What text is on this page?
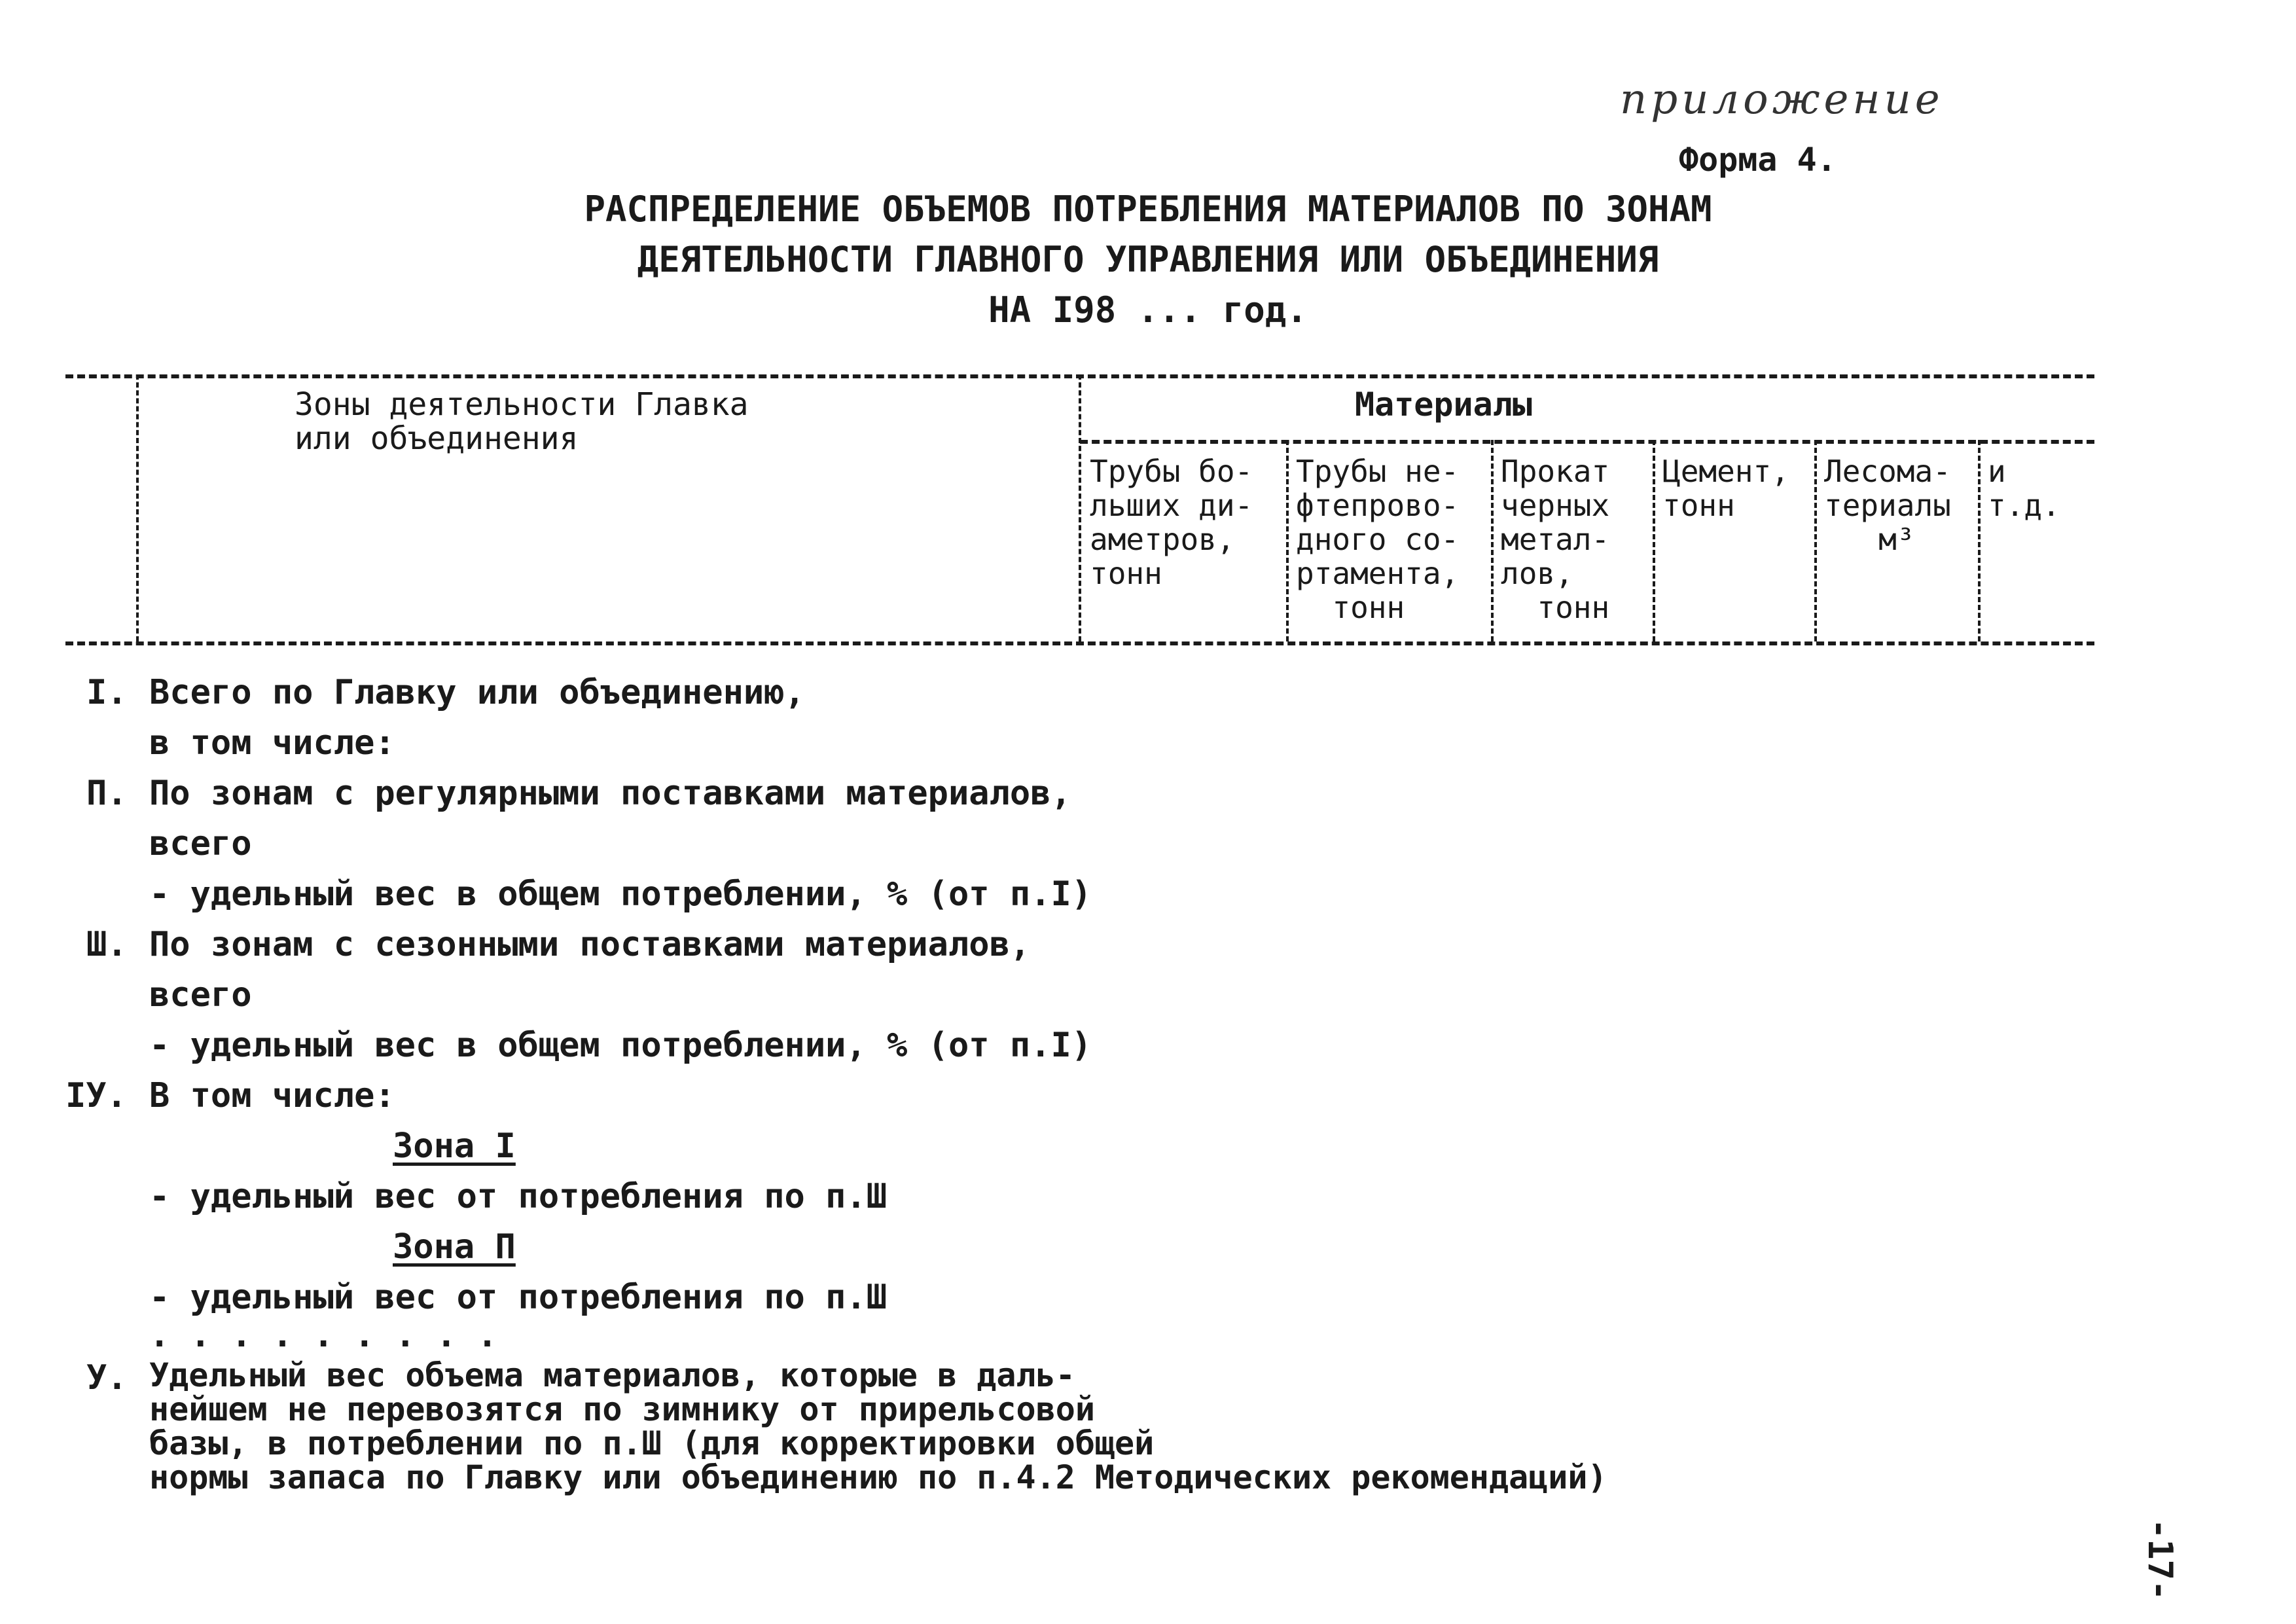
приложение
Форма 4.
РАСПРЕДЕЛЕНИЕ ОБЪЕМОВ ПОТРЕБЛЕНИЯ МАТЕРИАЛОВ ПО ЗОНАМ
ДЕЯТЕЛЬНОСТИ ГЛАВНОГО УПРАВЛЕНИЯ ИЛИ ОБЪЕДИНЕНИЯ
НА I98 ... год.
Зоны деятельности Главка
или объединения
Материалы
Трубы бо-
льших ди-
аметров,
тонн
Трубы не-
фтепрово-
дного со-
ртамента,
тонн
Прокат
черных
метал-
лов,
тонн
Цемент,
тонн
Лесома-
териалы
м³
и
т.д.
I. Всего по Главку или объединению,
в том числе:
П. По зонам с регулярными поставками материалов,
всего
- удельный вес в общем потреблении, % (от п.I)
Ш. По зонам с сезонными поставками материалов,
всего
- удельный вес в общем потреблении, % (от п.I)
IУ. В том числе:
Зона I
- удельный вес от потребления по п.Ш
Зона П
- удельный вес от потребления по п.Ш
. . . . . . . . .
У. Удельный вес объема материалов, которые в даль-
нейшем не перевозятся по зимнику от прирельсовой
базы, в потреблении по п.Ш (для корректировки общей
нормы запаса по Главку или объединению по п.4.2 Методических рекомендаций)
-17-
